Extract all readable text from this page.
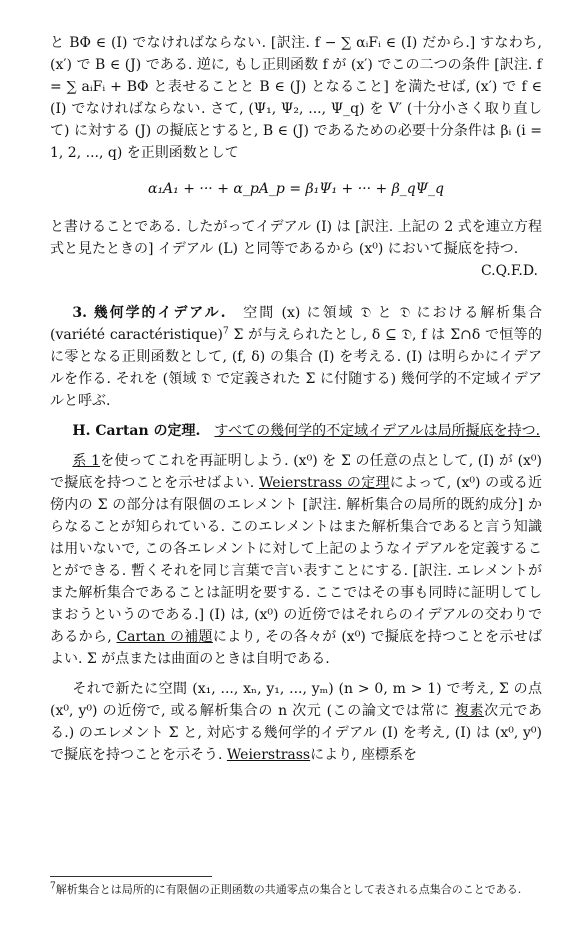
と BΦ ∈ (I) でなければならない. [訳注. f − ∑ αᵢFᵢ ∈ (I) だから.] すなわち, (x′) で B ∈ (J) である. 逆に, もし正則函数 f が (x′) でこの二つの条件 [訳注. f = ∑ aᵢFᵢ + BΦ と表せることと B ∈ (J) となること] を満たせば, (x′) で f ∈ (I) でなければならない. さて, (Ψ₁, Ψ₂, ..., Ψ_q) を V′ (十分小さく取り直して) に対する (J) の擬底とすると, B ∈ (J) であるための必要十分条件は βᵢ (i = 1, 2, ..., q) を正則函数として

α₁A₁ + ··· + α_pA_p = β₁Ψ₁ + ··· + β_qΨ_q

と書けることである. したがってイデアル (I) は [訳注. 上記の 2 式を連立方程式と見たときの] イデアル (L) と同等であるから (x⁰) において擬底を持つ.

C.Q.F.D.

3. 幾何学的イデアル.　 空間 (x) に領域 𝔇 と 𝔇 における解析集合 (variété caractéristique)$^7$ Σ が与えられたとし, δ ⊆ 𝔇, f は Σ∩δ で恒等的に零となる正則函数として, (f, δ) の集合 (I) を考える. (I) は明らかにイデアルを作る. それを (領域 𝔇 で定義された Σ に付随する) 幾何学的不定域イデアルと呼ぶ.

H. Cartan の定理.　 すべての幾何学的不定域イデアルは局所擬底を持つ.

系 1を使ってこれを再証明しよう. (x⁰) を Σ の任意の点として, (I) が (x⁰) で擬底を持つことを示せばよい. Weierstrass の定理によって, (x⁰) の或る近傍内の Σ の部分は有限個のエレメント [訳注. 解析集合の局所的既約成分] からなることが知られている. このエレメントはまた解析集合であると言う知識は用いないで, この各エレメントに対して上記のようなイデアルを定義することができる. 暫くそれを同じ言葉で言い表すことにする. [訳注. エレメントがまた解析集合であることは証明を要する. ここではその事も同時に証明してしまおうというのである.] (I) は, (x⁰) の近傍ではそれらのイデアルの交わりであるから, Cartan の補題により, その各々が (x⁰) で擬底を持つことを示せばよい. Σ が点または曲面のときは自明である.

それで新たに空間 (x₁, ..., xₙ, y₁, ..., yₘ) (n > 0, m > 1) で考え, Σ の点 (x⁰, y⁰) の近傍で, 或る解析集合の n 次元 (この論文では常に 複素次元である.) のエレメント Σ と, 対応する幾何学的イデアル (I) を考え, (I) は (x⁰, y⁰) で擬底を持つことを示そう. Weierstrassにより, 座標系を

$^7$解析集合とは局所的に有限個の正則函数の共通零点の集合として表される点集合のことである.
